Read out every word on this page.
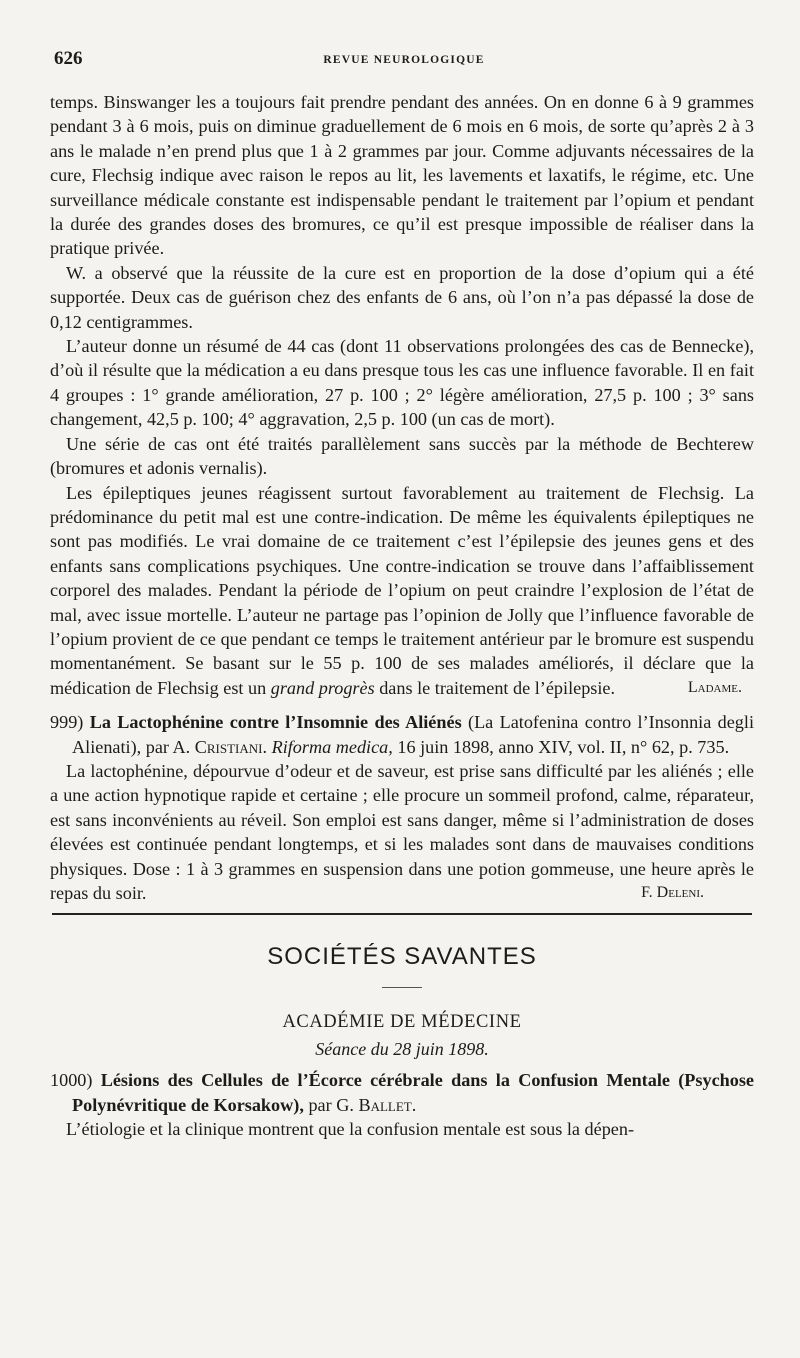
626	REVUE NEUROLOGIQUE

temps. Binswanger les a toujours fait prendre pendant des années. On en donne 6 à 9 grammes pendant 3 à 6 mois, puis on diminue graduellement de 6 mois en 6 mois, de sorte qu’après 2 à 3 ans le malade n’en prend plus que 1 à 2 grammes par jour. Comme adjuvants nécessaires de la cure, Flechsig indique avec raison le repos au lit, les lavements et laxatifs, le régime, etc. Une surveillance médicale constante est indispensable pendant le traitement par l’opium et pendant la durée des grandes doses des bromures, ce qu’il est presque impossible de réaliser dans la pratique privée.

W. a observé que la réussite de la cure est en proportion de la dose d’opium qui a été supportée. Deux cas de guérison chez des enfants de 6 ans, où l’on n’a pas dépassé la dose de 0,12 centigrammes.

L’auteur donne un résumé de 44 cas (dont 11 observations prolongées des cas de Bennecke), d’où il résulte que la médication a eu dans presque tous les cas une influence favorable. Il en fait 4 groupes : 1° grande amélioration, 27 p. 100 ; 2° légère amélioration, 27,5 p. 100 ; 3° sans changement, 42,5 p. 100; 4° aggravation, 2,5 p. 100 (un cas de mort).

Une série de cas ont été traités parallèlement sans succès par la méthode de Bechterew (bromures et adonis vernalis).

Les épileptiques jeunes réagissent surtout favorablement au traitement de Flechsig. La prédominance du petit mal est une contre-indication. De même les équivalents épileptiques ne sont pas modifiés. Le vrai domaine de ce traitement c’est l’épilepsie des jeunes gens et des enfants sans complications psychiques. Une contre-indication se trouve dans l’affaiblissement corporel des malades. Pendant la période de l’opium on peut craindre l’explosion de l’état de mal, avec issue mortelle. L’auteur ne partage pas l’opinion de Jolly que l’influence favorable de l’opium provient de ce que pendant ce temps le traitement antérieur par le bromure est suspendu momentanément. Se basant sur le 55 p. 100 de ses malades améliorés, il déclare que la médication de Flechsig est un grand progrès dans le traitement de l’épilepsie.	Ladame.

999) La Lactophénine contre l’Insomnie des Aliénés (La Latofenina contro l’Insonnia degli Alienati), par A. Cristiani. Riforma medica, 16 juin 1898, anno XIV, vol. II, n° 62, p. 735.

La lactophénine, dépourvue d’odeur et de saveur, est prise sans difficulté par les aliénés ; elle a une action hypnotique rapide et certaine ; elle procure un sommeil profond, calme, réparateur, est sans inconvénients au réveil. Son emploi est sans danger, même si l’administration de doses élevées est continuée pendant longtemps, et si les malades sont dans de mauvaises conditions physiques. Dose : 1 à 3 grammes en suspension dans une potion gommeuse, une heure après le repas du soir.	F. Deleni.

SOCIÉTÉS SAVANTES
ACADÉMIE DE MÉDECINE
Séance du 28 juin 1898.

1000) Lésions des Cellules de l’Écorce cérébrale dans la Confusion Mentale (Psychose Polynévritique de Korsakow), par G. Ballet.

L’étiologie et la clinique montrent que la confusion mentale est sous la dépen-
